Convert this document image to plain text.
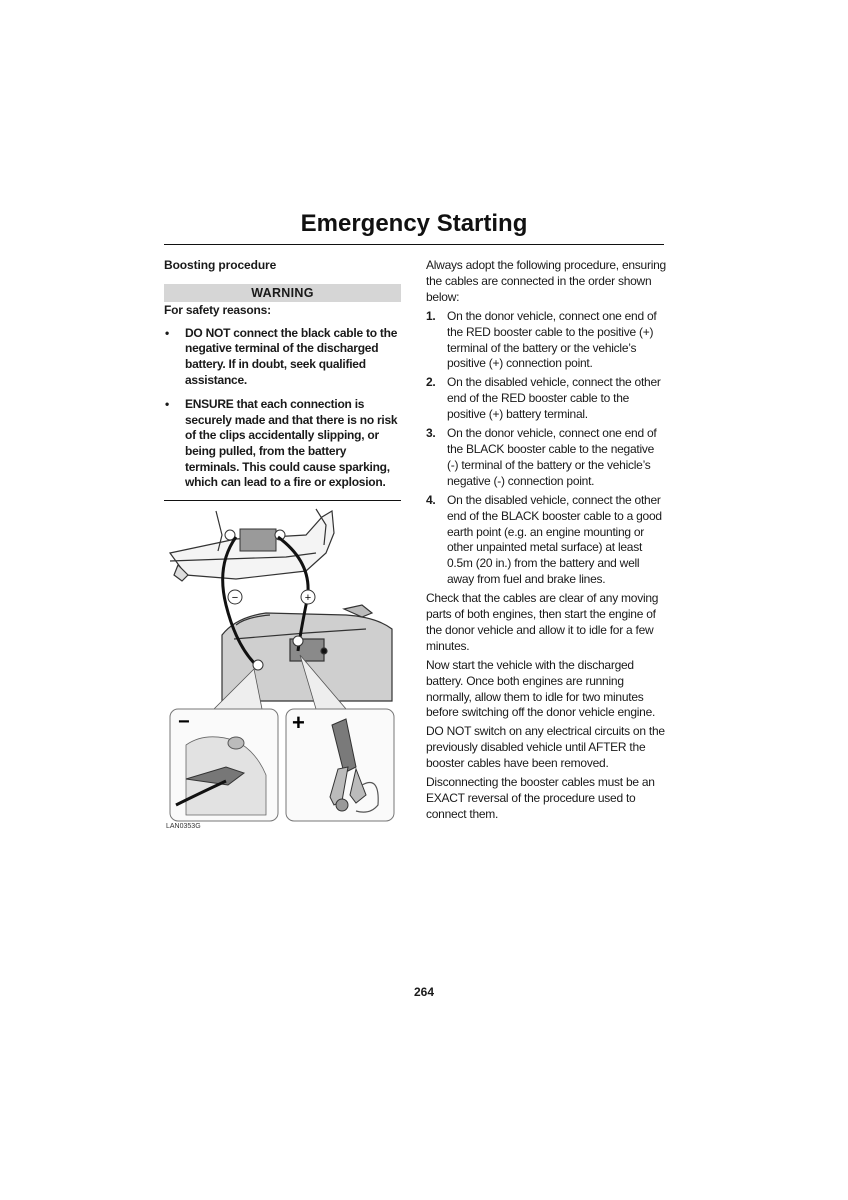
Emergency Starting
Boosting procedure
WARNING
For safety reasons:
• DO NOT connect the black cable to the negative terminal of the discharged battery. If in doubt, seek qualified assistance.
• ENSURE that each connection is securely made and that there is no risk of the clips accidentally slipping, or being pulled, from the battery terminals. This could cause sparking, which can lead to a fire or explosion.
−	+
−	+
LAN0353G

Always adopt the following procedure, ensuring the cables are connected in the order shown below:

1. On the donor vehicle, connect one end of the RED booster cable to the positive (+) terminal of the battery or the vehicle’s positive (+) connection point.
2. On the disabled vehicle, connect the other end of the RED booster cable to the positive (+) battery terminal.
3. On the donor vehicle, connect one end of the BLACK booster cable to the negative (-) terminal of the battery or the vehicle’s negative (-) connection point.
4. On the disabled vehicle, connect the other end of the BLACK booster cable to a good earth point (e.g. an engine mounting or other unpainted metal surface) at least 0.5m (20 in.) from the battery and well away from fuel and brake lines.

Check that the cables are clear of any moving parts of both engines, then start the engine of the donor vehicle and allow it to idle for a few minutes.

Now start the vehicle with the discharged battery. Once both engines are running normally, allow them to idle for two minutes before switching off the donor vehicle engine.

DO NOT switch on any electrical circuits on the previously disabled vehicle until AFTER the booster cables have been removed.

Disconnecting the booster cables must be an EXACT reversal of the procedure used to connect them.

264
